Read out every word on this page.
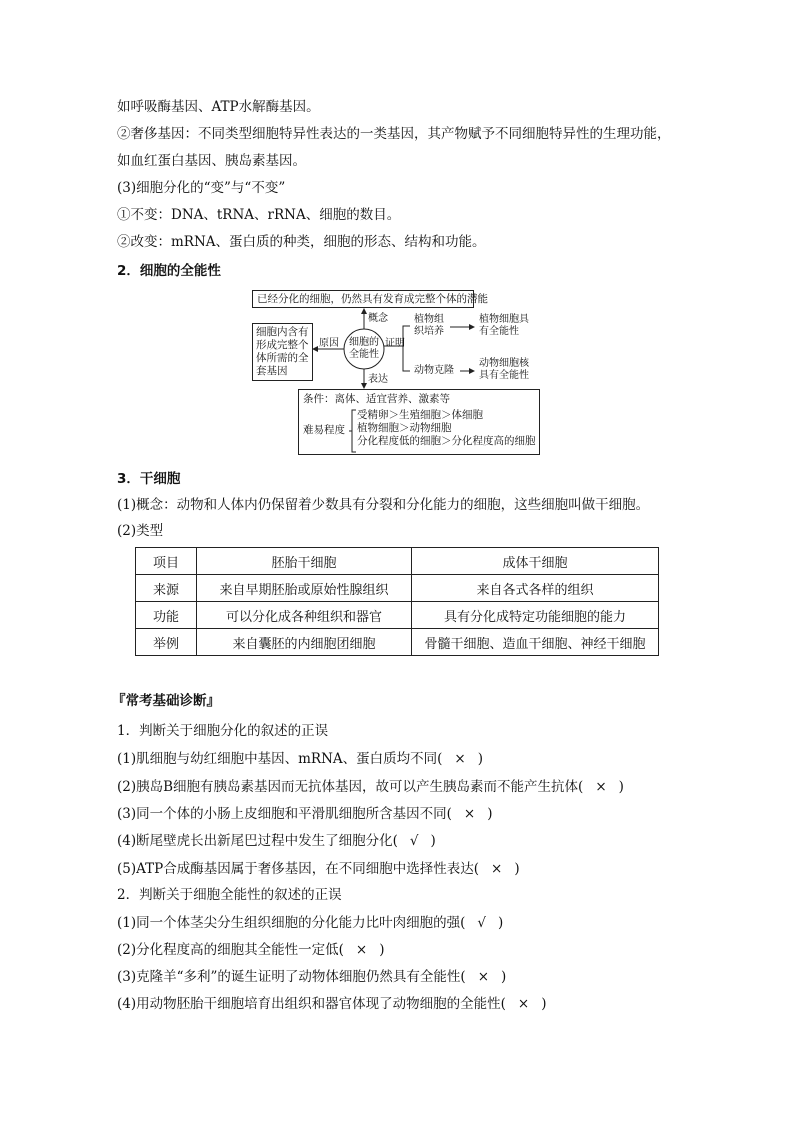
如呼吸酶基因、ATP水解酶基因。
②奢侈基因：不同类型细胞特异性表达的一类基因，其产物赋予不同细胞特异性的生理功能，
如血红蛋白基因、胰岛素基因。
(3)细胞分化的“变”与“不变”
①不变：DNA、tRNA、rRNA、细胞的数目。
②改变：mRNA、蛋白质的种类，细胞的形态、结构和功能。
2．细胞的全能性
已经分化的细胞，仍然具有发育成完整个体的潜能
概念
细胞内含有
形成完整个
体所需的全
套基因
原因	细胞的
全能性
证明
植物组
织培养
植物细胞具
有全能性
动物克隆
动物细胞核
具有全能性
表达
条件：离体、适宜营养、激素等
难易程度
受精卵＞生殖细胞＞体细胞
植物细胞＞动物细胞
分化程度低的细胞＞分化程度高的细胞
3．干细胞
(1)概念：动物和人体内仍保留着少数具有分裂和分化能力的细胞，这些细胞叫做干细胞。
(2)类型
项目	胚胎干细胞	成体干细胞
来源	来自早期胚胎或原始性腺组织	来自各式各样的组织
功能	可以分化成各种组织和器官	具有分化成特定功能细胞的能力
举例	来自囊胚的内细胞团细胞	骨髓干细胞、造血干细胞、神经干细胞
『常考基础诊断』
1．判断关于细胞分化的叙述的正误
(1)肌细胞与幼红细胞中基因、mRNA、蛋白质均不同( × )
(2)胰岛B细胞有胰岛素基因而无抗体基因，故可以产生胰岛素而不能产生抗体( × )
(3)同一个体的小肠上皮细胞和平滑肌细胞所含基因不同( × )
(4)断尾壁虎长出新尾巴过程中发生了细胞分化( √ )
(5)ATP合成酶基因属于奢侈基因，在不同细胞中选择性表达( × )
2．判断关于细胞全能性的叙述的正误
(1)同一个体茎尖分生组织细胞的分化能力比叶肉细胞的强( √ )
(2)分化程度高的细胞其全能性一定低( × )
(3)克隆羊“多利”的诞生证明了动物体细胞仍然具有全能性( × )
(4)用动物胚胎干细胞培育出组织和器官体现了动物细胞的全能性( × )
